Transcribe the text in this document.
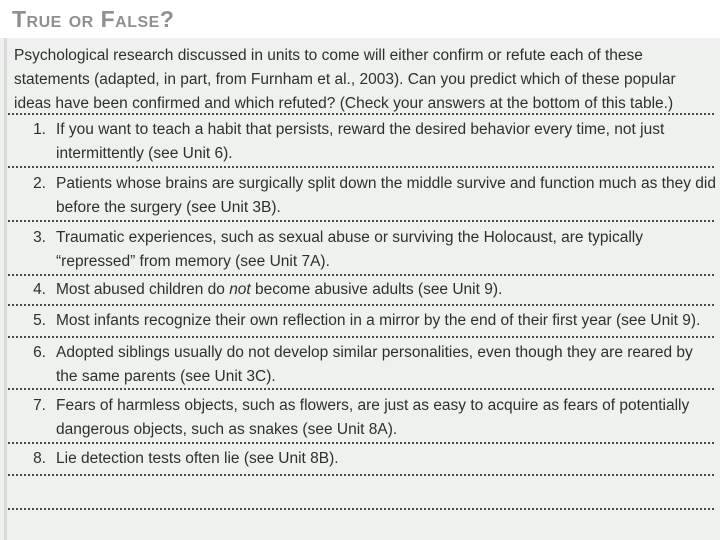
True or False?
Psychological research discussed in units to come will either confirm or refute each of these statements (adapted, in part, from Furnham et al., 2003). Can you predict which of these popular ideas have been confirmed and which refuted? (Check your answers at the bottom of this table.)
1. If you want to teach a habit that persists, reward the desired behavior every time, not just intermittently (see Unit 6).
2. Patients whose brains are surgically split down the middle survive and function much as they did before the surgery (see Unit 3B).
3. Traumatic experiences, such as sexual abuse or surviving the Holocaust, are typically “repressed” from memory (see Unit 7A).
4. Most abused children do not become abusive adults (see Unit 9).
5. Most infants recognize their own reflection in a mirror by the end of their first year (see Unit 9).
6. Adopted siblings usually do not develop similar personalities, even though they are reared by the same parents (see Unit 3C).
7. Fears of harmless objects, such as flowers, are just as easy to acquire as fears of potentially dangerous objects, such as snakes (see Unit 8A).
8. Lie detection tests often lie (see Unit 8B).
